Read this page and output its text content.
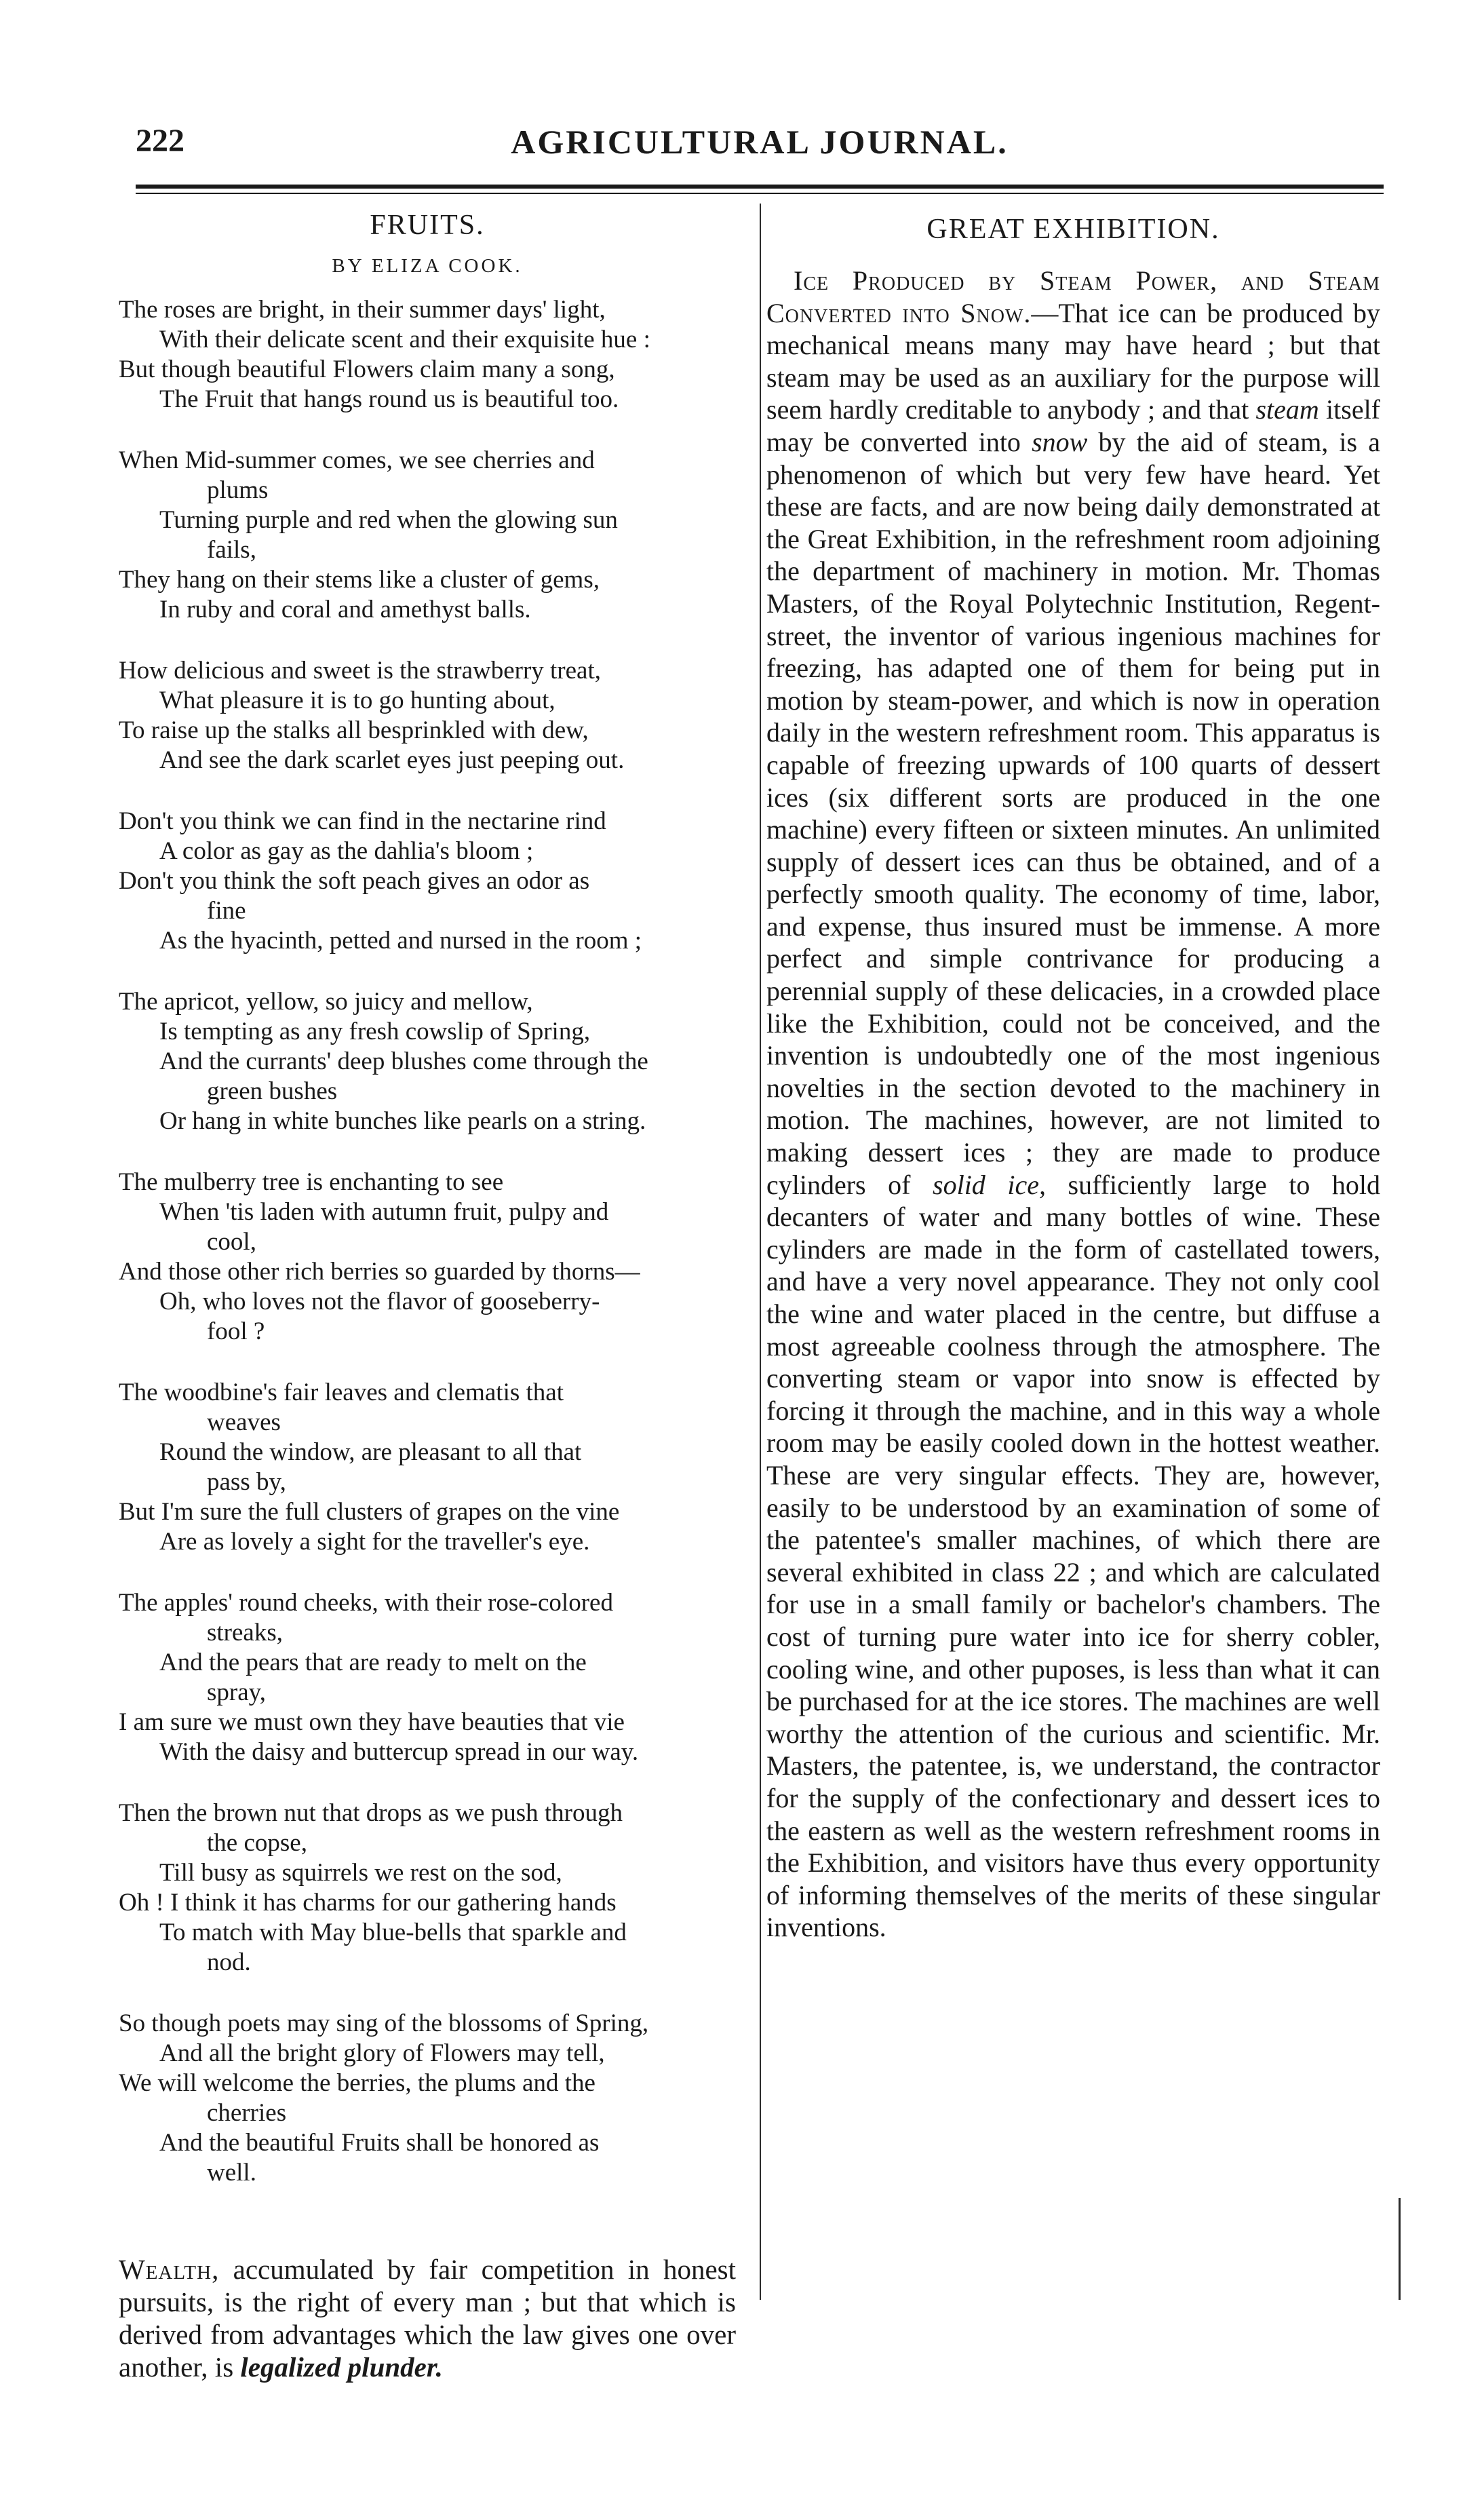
222	AGRICULTURAL JOURNAL.
FRUITS.
BY ELIZA COOK.
The roses are bright, in their summer days' light,
With their delicate scent and their exquisite hue :
But though beautiful Flowers claim many a song,
The Fruit that hangs round us is beautiful too.
When Mid-summer comes, we see cherries and
plums
Turning purple and red when the glowing sun
fails,
They hang on their stems like a cluster of gems,
In ruby and coral and amethyst balls.
How delicious and sweet is the strawberry treat,
What pleasure it is to go hunting about,
To raise up the stalks all besprinkled with dew,
And see the dark scarlet eyes just peeping out.
Don't you think we can find in the nectarine rind
A color as gay as the dahlia's bloom ;
Don't you think the soft peach gives an odor as
fine
As the hyacinth, petted and nursed in the room ;
The apricot, yellow, so juicy and mellow,
Is tempting as any fresh cowslip of Spring,
And the currants' deep blushes come through the
green bushes
Or hang in white bunches like pearls on a string.
The mulberry tree is enchanting to see
When 'tis laden with autumn fruit, pulpy and
cool,
And those other rich berries so guarded by thorns—
Oh, who loves not the flavor of gooseberry-
fool ?
The woodbine's fair leaves and clematis that
weaves
Round the window, are pleasant to all that
pass by,
But I'm sure the full clusters of grapes on the vine
Are as lovely a sight for the traveller's eye.
The apples' round cheeks, with their rose-colored
streaks,
And the pears that are ready to melt on the
spray,
I am sure we must own they have beauties that vie
With the daisy and buttercup spread in our way.
Then the brown nut that drops as we push through
the copse,
Till busy as squirrels we rest on the sod,
Oh ! I think it has charms for our gathering hands
To match with May blue-bells that sparkle and
nod.
So though poets may sing of the blossoms of Spring,
And all the bright glory of Flowers may tell,
We will welcome the berries, the plums and the
cherries
And the beautiful Fruits shall be honored as
well.
Wealth, accumulated by fair competition in honest pursuits, is the right of every man ; but that which is derived from advantages which the law gives one over another, is legalized plunder.
GREAT EXHIBITION.

Ice Produced by Steam Power, and Steam Converted into Snow.—That ice can be produced by mechanical means many may have heard ; but that steam may be used as an auxiliary for the purpose will seem hardly creditable to anybody ; and that steam itself may be converted into snow by the aid of steam, is a phenomenon of which but very few have heard. Yet these are facts, and are now being daily demonstrated at the Great Exhibition, in the refreshment room adjoining the department of machinery in motion. Mr. Thomas Masters, of the Royal Polytechnic Institution, Regent-street, the inventor of various ingenious machines for freezing, has adapted one of them for being put in motion by steam-power, and which is now in operation daily in the western refreshment room. This apparatus is capable of freezing upwards of 100 quarts of dessert ices (six different sorts are produced in the one machine) every fifteen or sixteen minutes. An unlimited supply of dessert ices can thus be obtained, and of a perfectly smooth quality. The economy of time, labor, and expense, thus insured must be immense. A more perfect and simple contrivance for producing a perennial supply of these delicacies, in a crowded place like the Exhibition, could not be conceived, and the invention is undoubtedly one of the most ingenious novelties in the section devoted to the machinery in motion. The machines, however, are not limited to making dessert ices ; they are made to produce cylinders of solid ice, sufficiently large to hold decanters of water and many bottles of wine. These cylinders are made in the form of castellated towers, and have a very novel appearance. They not only cool the wine and water placed in the centre, but diffuse a most agreeable coolness through the atmosphere. The converting steam or vapor into snow is effected by forcing it through the machine, and in this way a whole room may be easily cooled down in the hottest weather. These are very singular effects. They are, however, easily to be understood by an examination of some of the patentee's smaller machines, of which there are several exhibited in class 22 ; and which are calculated for use in a small family or bachelor's chambers. The cost of turning pure water into ice for sherry cobler, cooling wine, and other puposes, is less than what it can be purchased for at the ice stores. The machines are well worthy the attention of the curious and scientific. Mr. Masters, the patentee, is, we understand, the contractor for the supply of the confectionary and dessert ices to the eastern as well as the western refreshment rooms in the Exhibition, and visitors have thus every opportunity of informing themselves of the merits of these singular inventions.
